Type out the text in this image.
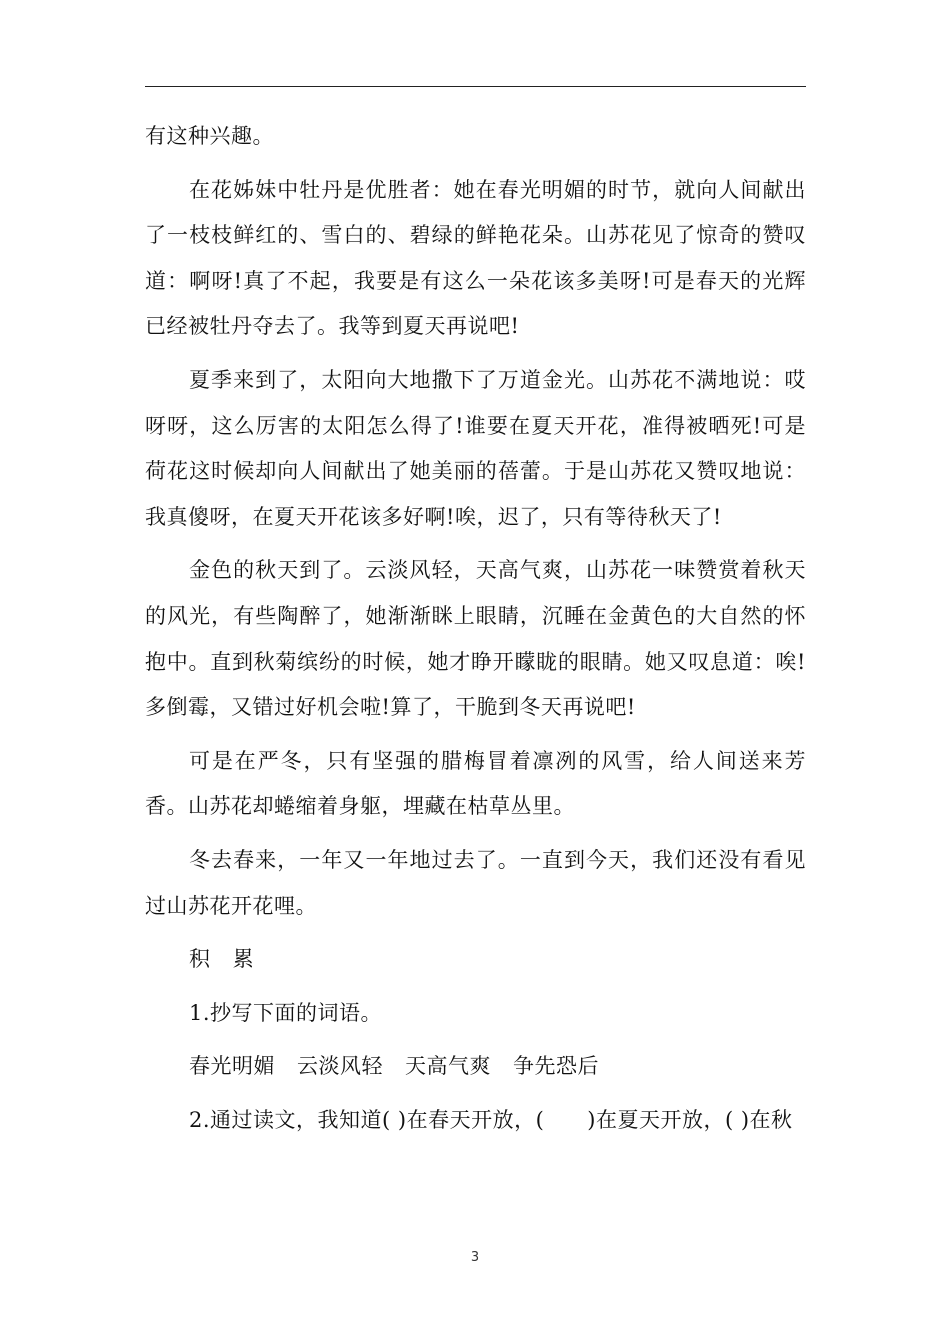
有这种兴趣。

在花姊妹中牡丹是优胜者：她在春光明媚的时节，就向人间献出了一枝枝鲜红的、雪白的、碧绿的鲜艳花朵。山苏花见了惊奇的赞叹道：啊呀!真了不起，我要是有这么一朵花该多美呀!可是春天的光辉已经被牡丹夺去了。我等到夏天再说吧!

夏季来到了，太阳向大地撒下了万道金光。山苏花不满地说：哎呀呀，这么厉害的太阳怎么得了!谁要在夏天开花，准得被晒死!可是荷花这时候却向人间献出了她美丽的蓓蕾。于是山苏花又赞叹地说：我真傻呀，在夏天开花该多好啊!唉，迟了，只有等待秋天了!

金色的秋天到了。云淡风轻，天高气爽，山苏花一味赞赏着秋天的风光，有些陶醉了，她渐渐眯上眼睛，沉睡在金黄色的大自然的怀抱中。直到秋菊缤纷的时候，她才睁开矇眬的眼睛。她又叹息道：唉!多倒霉，又错过好机会啦!算了，干脆到冬天再说吧!

可是在严冬，只有坚强的腊梅冒着凛冽的风雪，给人间送来芳香。山苏花却蜷缩着身躯，埋藏在枯草丛里。

冬去春来，一年又一年地过去了。一直到今天，我们还没有看见过山苏花开花哩。

积 累

1.抄写下面的词语。

春光明媚 云淡风轻 天高气爽 争先恐后

2.通过读文，我知道( )在春天开放，(　　)在夏天开放，( )在秋

3
